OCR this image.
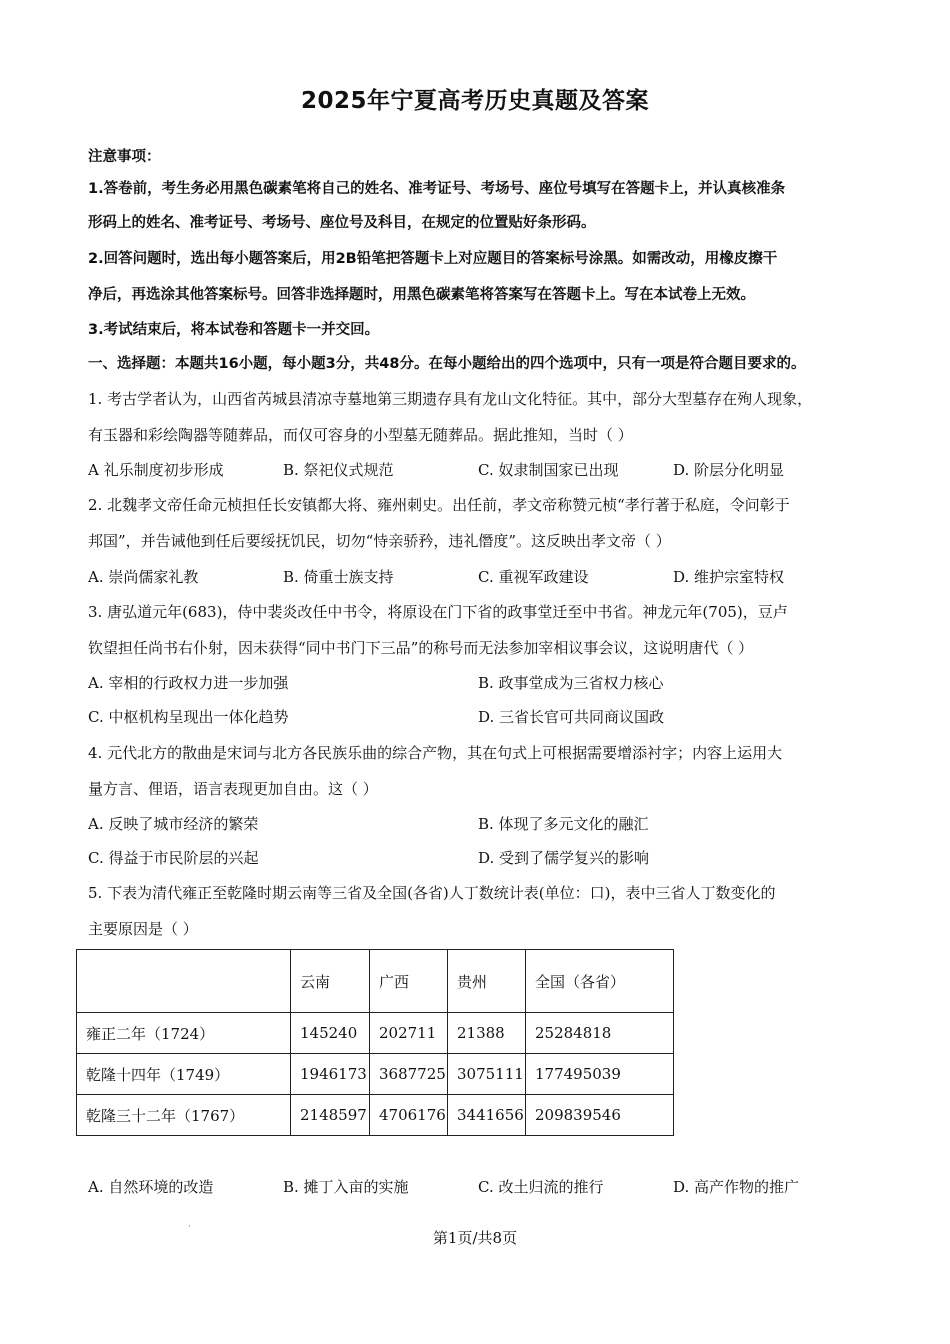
2025年宁夏高考历史真题及答案
注意事项：
1.答卷前，考生务必用黑色碳素笔将自己的姓名、准考证号、考场号、座位号填写在答题卡上，并认真核准条
形码上的姓名、准考证号、考场号、座位号及科目，在规定的位置贴好条形码。
2.回答问题时，选出每小题答案后，用2B铅笔把答题卡上对应题目的答案标号涂黑。如需改动，用橡皮擦干
净后，再选涂其他答案标号。回答非选择题时，用黑色碳素笔将答案写在答题卡上。写在本试卷上无效。
3.考试结束后，将本试卷和答题卡一并交回。
一、选择题：本题共16小题，每小题3分，共48分。在每小题给出的四个选项中，只有一项是符合题目要求的。
1. 考古学者认为，山西省芮城县清凉寺墓地第三期遗存具有龙山文化特征。其中，部分大型墓存在殉人现象，
有玉器和彩绘陶器等随葬品，而仅可容身的小型墓无随葬品。据此推知，当时（ ）
A 礼乐制度初步形成	B. 祭祀仪式规范	C. 奴隶制国家已出现	D. 阶层分化明显
2. 北魏孝文帝任命元桢担任长安镇都大将、雍州刺史。出任前，孝文帝称赞元桢“孝行著于私庭，令问彰于
邦国”，并告诫他到任后要绥抚饥民，切勿“恃亲骄矜，违礼僭度”。这反映出孝文帝（ ）
A. 崇尚儒家礼教	B. 倚重士族支持	C. 重视军政建设	D. 维护宗室特权
3. 唐弘道元年(683)，侍中裴炎改任中书令，将原设在门下省的政事堂迁至中书省。神龙元年(705)，豆卢
钦望担任尚书右仆射，因未获得“同中书门下三品”的称号而无法参加宰相议事会议，这说明唐代（ ）
A. 宰相的行政权力进一步加强	B. 政事堂成为三省权力核心
C. 中枢机构呈现出一体化趋势	D. 三省长官可共同商议国政
4. 元代北方的散曲是宋词与北方各民族乐曲的综合产物，其在句式上可根据需要增添衬字；内容上运用大
量方言、俚语，语言表现更加自由。这（ ）
A. 反映了城市经济的繁荣	B. 体现了多元文化的融汇
C. 得益于市民阶层的兴起	D. 受到了儒学复兴的影响
5. 下表为清代雍正至乾隆时期云南等三省及全国(各省)人丁数统计表(单位：口)，表中三省人丁数变化的
主要原因是（ ）
	云南	广西	贵州	全国（各省）
雍正二年（1724）	145240	202711	21388	25284818
乾隆十四年（1749）	1946173	3687725	3075111	177495039
乾隆三十二年（1767）	2148597	4706176	3441656	209839546
A. 自然环境的改造	B. 摊丁入亩的实施	C. 改土归流的推行	D. 高产作物的推广
·
第1页/共8页
